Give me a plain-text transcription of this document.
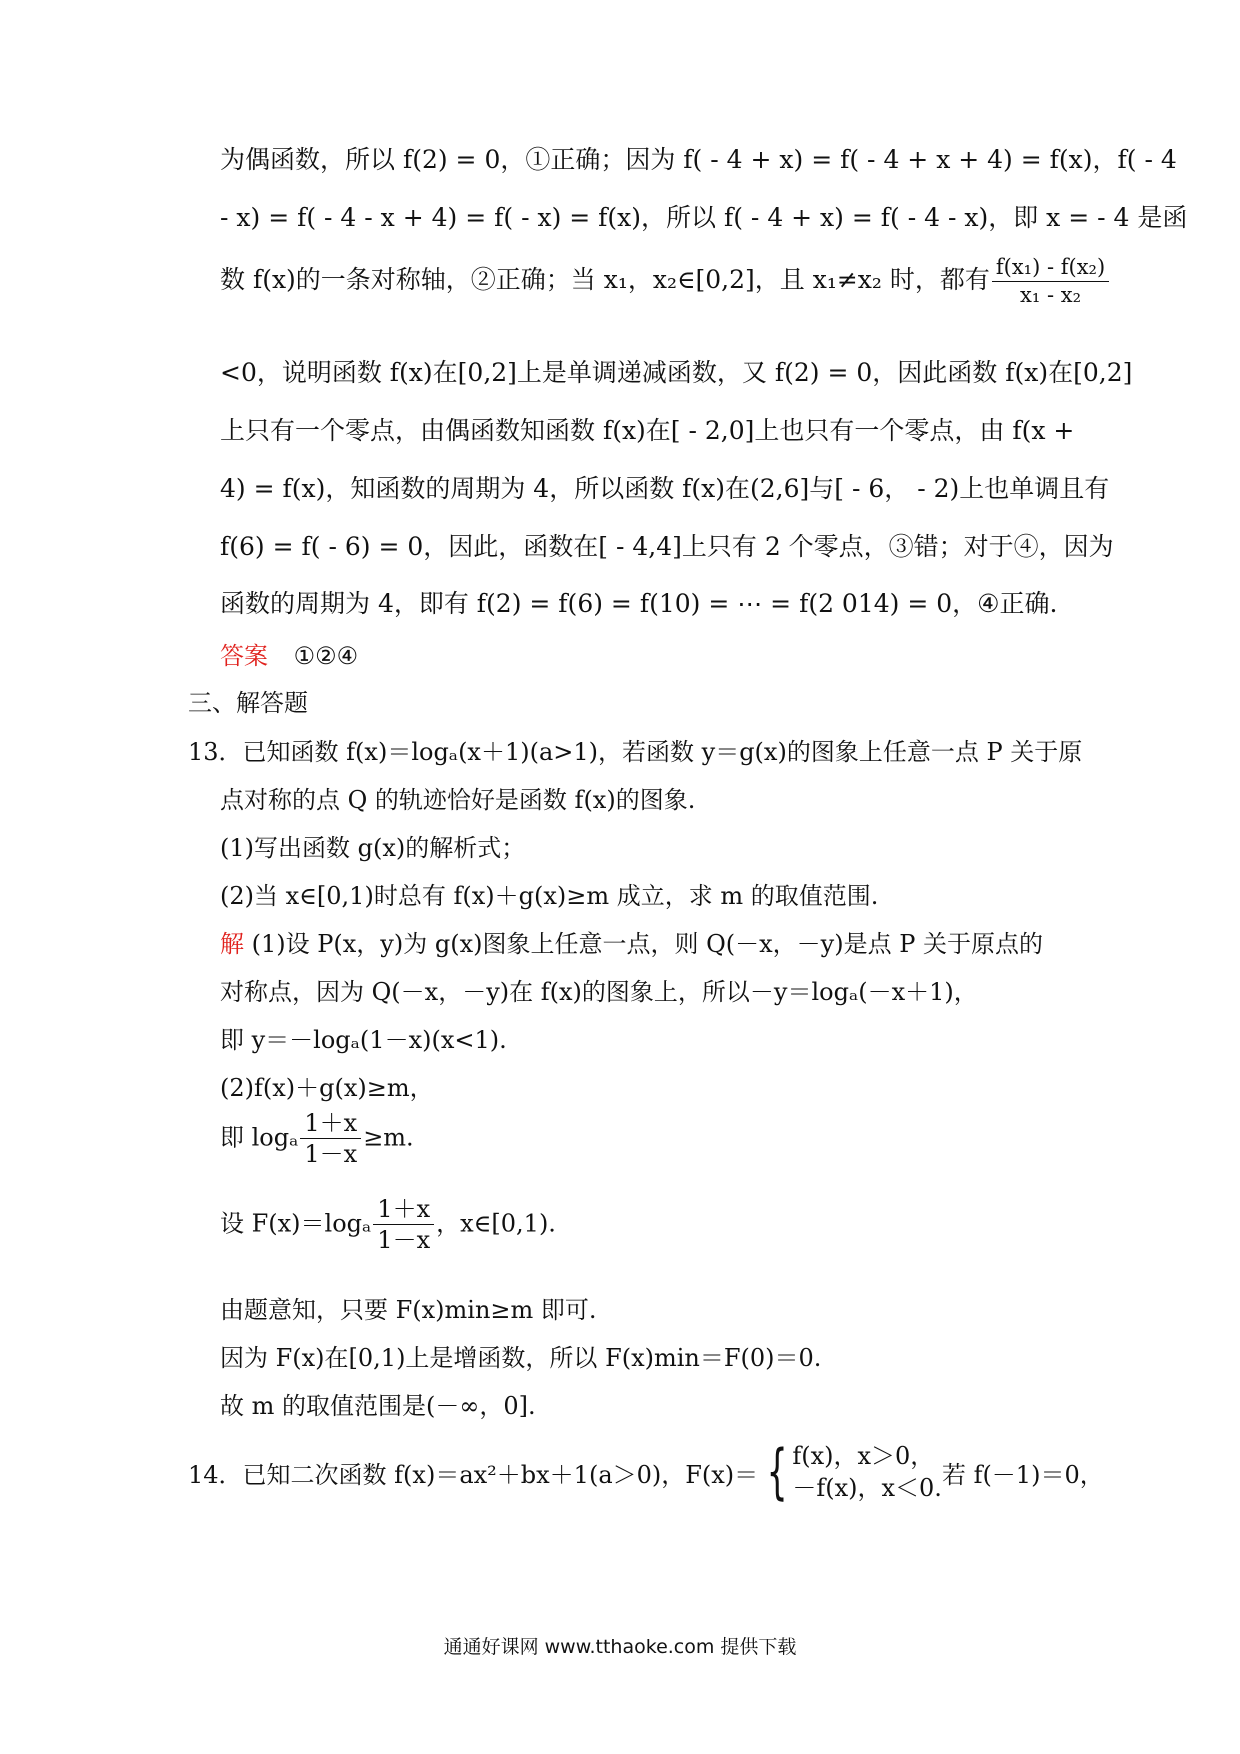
为偶函数，所以 f(2) = 0，①正确；因为 f( - 4 + x) = f( - 4 + x + 4) = f(x)，f( - 4
- x) = f( - 4 - x + 4) = f( - x) = f(x)，所以 f( - 4 + x) = f( - 4 - x)，即 x = - 4 是函
数 f(x)的一条对称轴，②正确；当 x₁，x₂∈[0,2]，且 x₁≠x₂ 时，都有 $\frac{\text{f(x₁) - f(x₂)}}{\text{x₁ - x₂}}$
<0，说明函数 f(x)在[0,2]上是单调递减函数，又 f(2) = 0，因此函数 f(x)在[0,2]
上只有一个零点，由偶函数知函数 f(x)在[ - 2,0]上也只有一个零点，由 f(x +
4) = f(x)，知函数的周期为 4，所以函数 f(x)在(2,6]与[ - 6， - 2)上也单调且有
f(6) = f( - 6) = 0，因此，函数在[ - 4,4]上只有 2 个零点，③错；对于④，因为
函数的周期为 4，即有 f(2) = f(6) = f(10) = ⋯ = f(2 014) = 0，④正确.
答案 ①②④
三、解答题
13．已知函数 f(x)＝logₐ(x＋1)(a>1)，若函数 y＝g(x)的图象上任意一点 P 关于原
点对称的点 Q 的轨迹恰好是函数 f(x)的图象.
(1)写出函数 g(x)的解析式；
(2)当 x∈[0,1)时总有 f(x)＋g(x)≥m 成立，求 m 的取值范围.
解 (1)设 P(x，y)为 g(x)图象上任意一点，则 Q(－x，－y)是点 P 关于原点的
对称点，因为 Q(－x，－y)在 f(x)的图象上，所以－y＝logₐ(－x＋1)，
即 y＝－logₐ(1－x)(x<1).
(2)f(x)＋g(x)≥m，
即 logₐ $\frac{1+x}{1-x} \ge m$.
设 $F(x)=\log_a \frac{1+x}{1-x}$ ，x∈[0,1).
由题意知，只要 F(x)min≥m 即可.
因为 F(x)在[0,1)上是增函数，所以 F(x)min＝F(0)＝0.
故 m 的取值范围是(－∞，0].
14． 已知二次函数 f(x)＝ax²＋bx＋1(a＞0)，F(x)＝ { f(x)，x＞0，
－f(x)，x＜0. 若 f(－1)＝0，
通通好课网 www.tthaoke.com 提供下载
